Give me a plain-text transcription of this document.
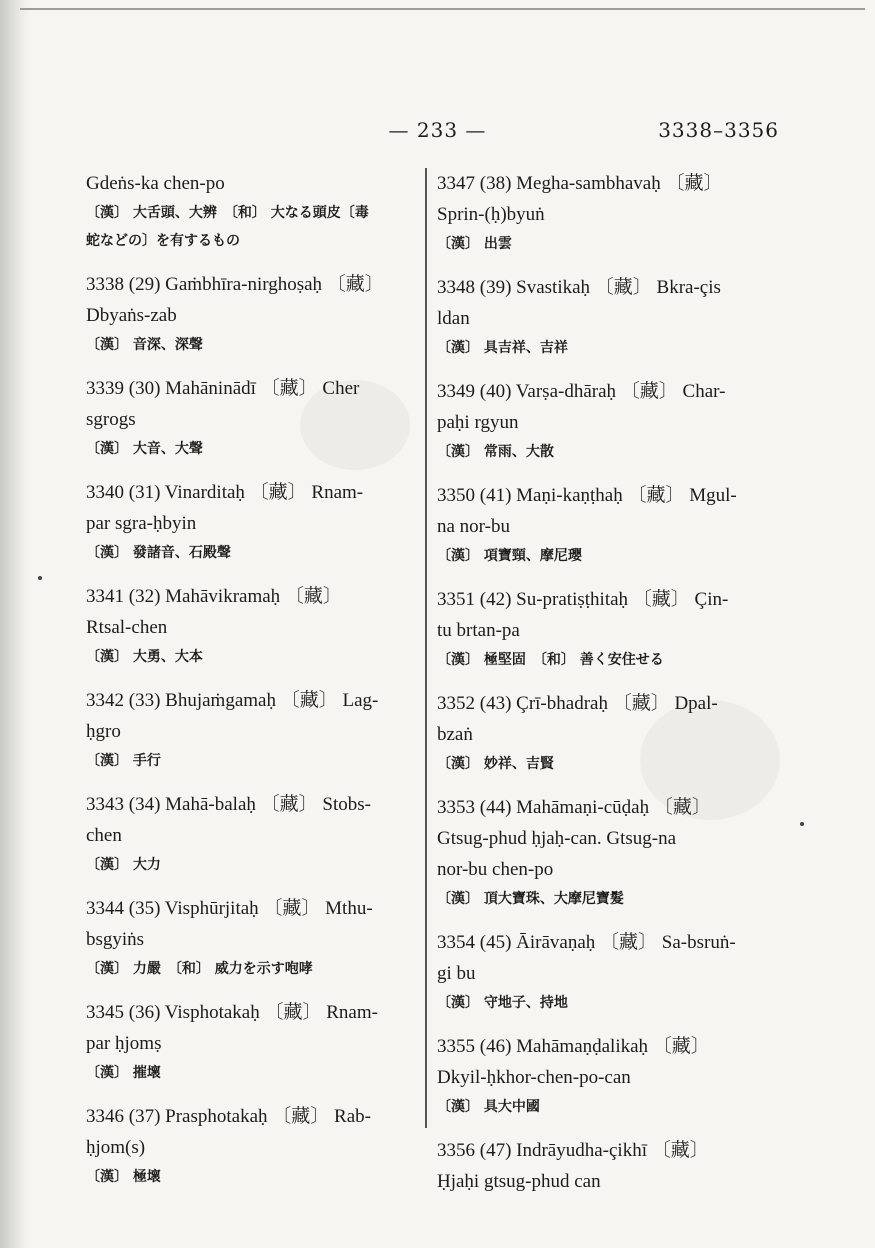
— 233 —	3338–3356
Gdeṅs-ka chen-po
〔漢〕 大舌頭、大辨　〔和〕 大なる頭皮〔毒
蛇などの〕を有するもの
3338 (29) Gaṁbhīra-nirghoṣaḥ 〔藏〕
Dbyaṅs-zab
〔漢〕 音深、深聲
3339 (30) Mahāninādī 〔藏〕 Cher
sgrogs
〔漢〕 大音、大聲
3340 (31) Vinarditaḥ 〔藏〕 Rnam-
par sgra-ḥbyin
〔漢〕 發諸音、石殿聲
3341 (32) Mahāvikramaḥ 〔藏〕
Rtsal-chen
〔漢〕 大勇、大本
3342 (33) Bhujaṁgamaḥ 〔藏〕 Lag-
ḥgro
〔漢〕 手行
3343 (34) Mahā-balaḥ 〔藏〕 Stobs-
chen
〔漢〕 大力
3344 (35) Visphūrjitaḥ 〔藏〕 Mthu-
bsgyiṅs
〔漢〕 力嚴　〔和〕 威力を示す咆哮
3345 (36) Visphotakaḥ 〔藏〕 Rnam-
par ḥjomṣ
〔漢〕 摧壞
3346 (37) Prasphotakaḥ 〔藏〕 Rab-
ḥjom(s)
〔漢〕 極壞
3347 (38) Megha-sambhavaḥ 〔藏〕
Sprin-(ḥ)byuṅ
〔漢〕 出雲
3348 (39) Svastikaḥ 〔藏〕 Bkra-çis
ldan
〔漢〕 具吉祥、吉祥
3349 (40) Varṣa-dhāraḥ 〔藏〕 Char-
paḥi rgyun
〔漢〕 常雨、大散
3350 (41) Maṇi-kaṇṭhaḥ 〔藏〕 Mgul-
na nor-bu
〔漢〕 項寶頸、摩尼瓔
3351 (42) Su-pratiṣṭhitaḥ 〔藏〕 Çin-
tu brtan-pa
〔漢〕 極堅固　〔和〕 善く安住せる
3352 (43) Çrī-bhadraḥ 〔藏〕 Dpal-
bzaṅ
〔漢〕 妙祥、吉賢
3353 (44) Mahāmaṇi-cūḍaḥ 〔藏〕
Gtsug-phud ḥjaḥ-can. Gtsug-na
nor-bu chen-po
〔漢〕 頂大寶珠、大摩尼寶髮
3354 (45) Āirāvaṇaḥ 〔藏〕 Sa-bsruṅ-
gi bu
〔漢〕 守地子、持地
3355 (46) Mahāmaṇḍalikaḥ 〔藏〕
Dkyil-ḥkhor-chen-po-can
〔漢〕 具大中國
3356 (47) Indrāyudha-çikhī 〔藏〕
Ḥjaḥi gtsug-phud can
